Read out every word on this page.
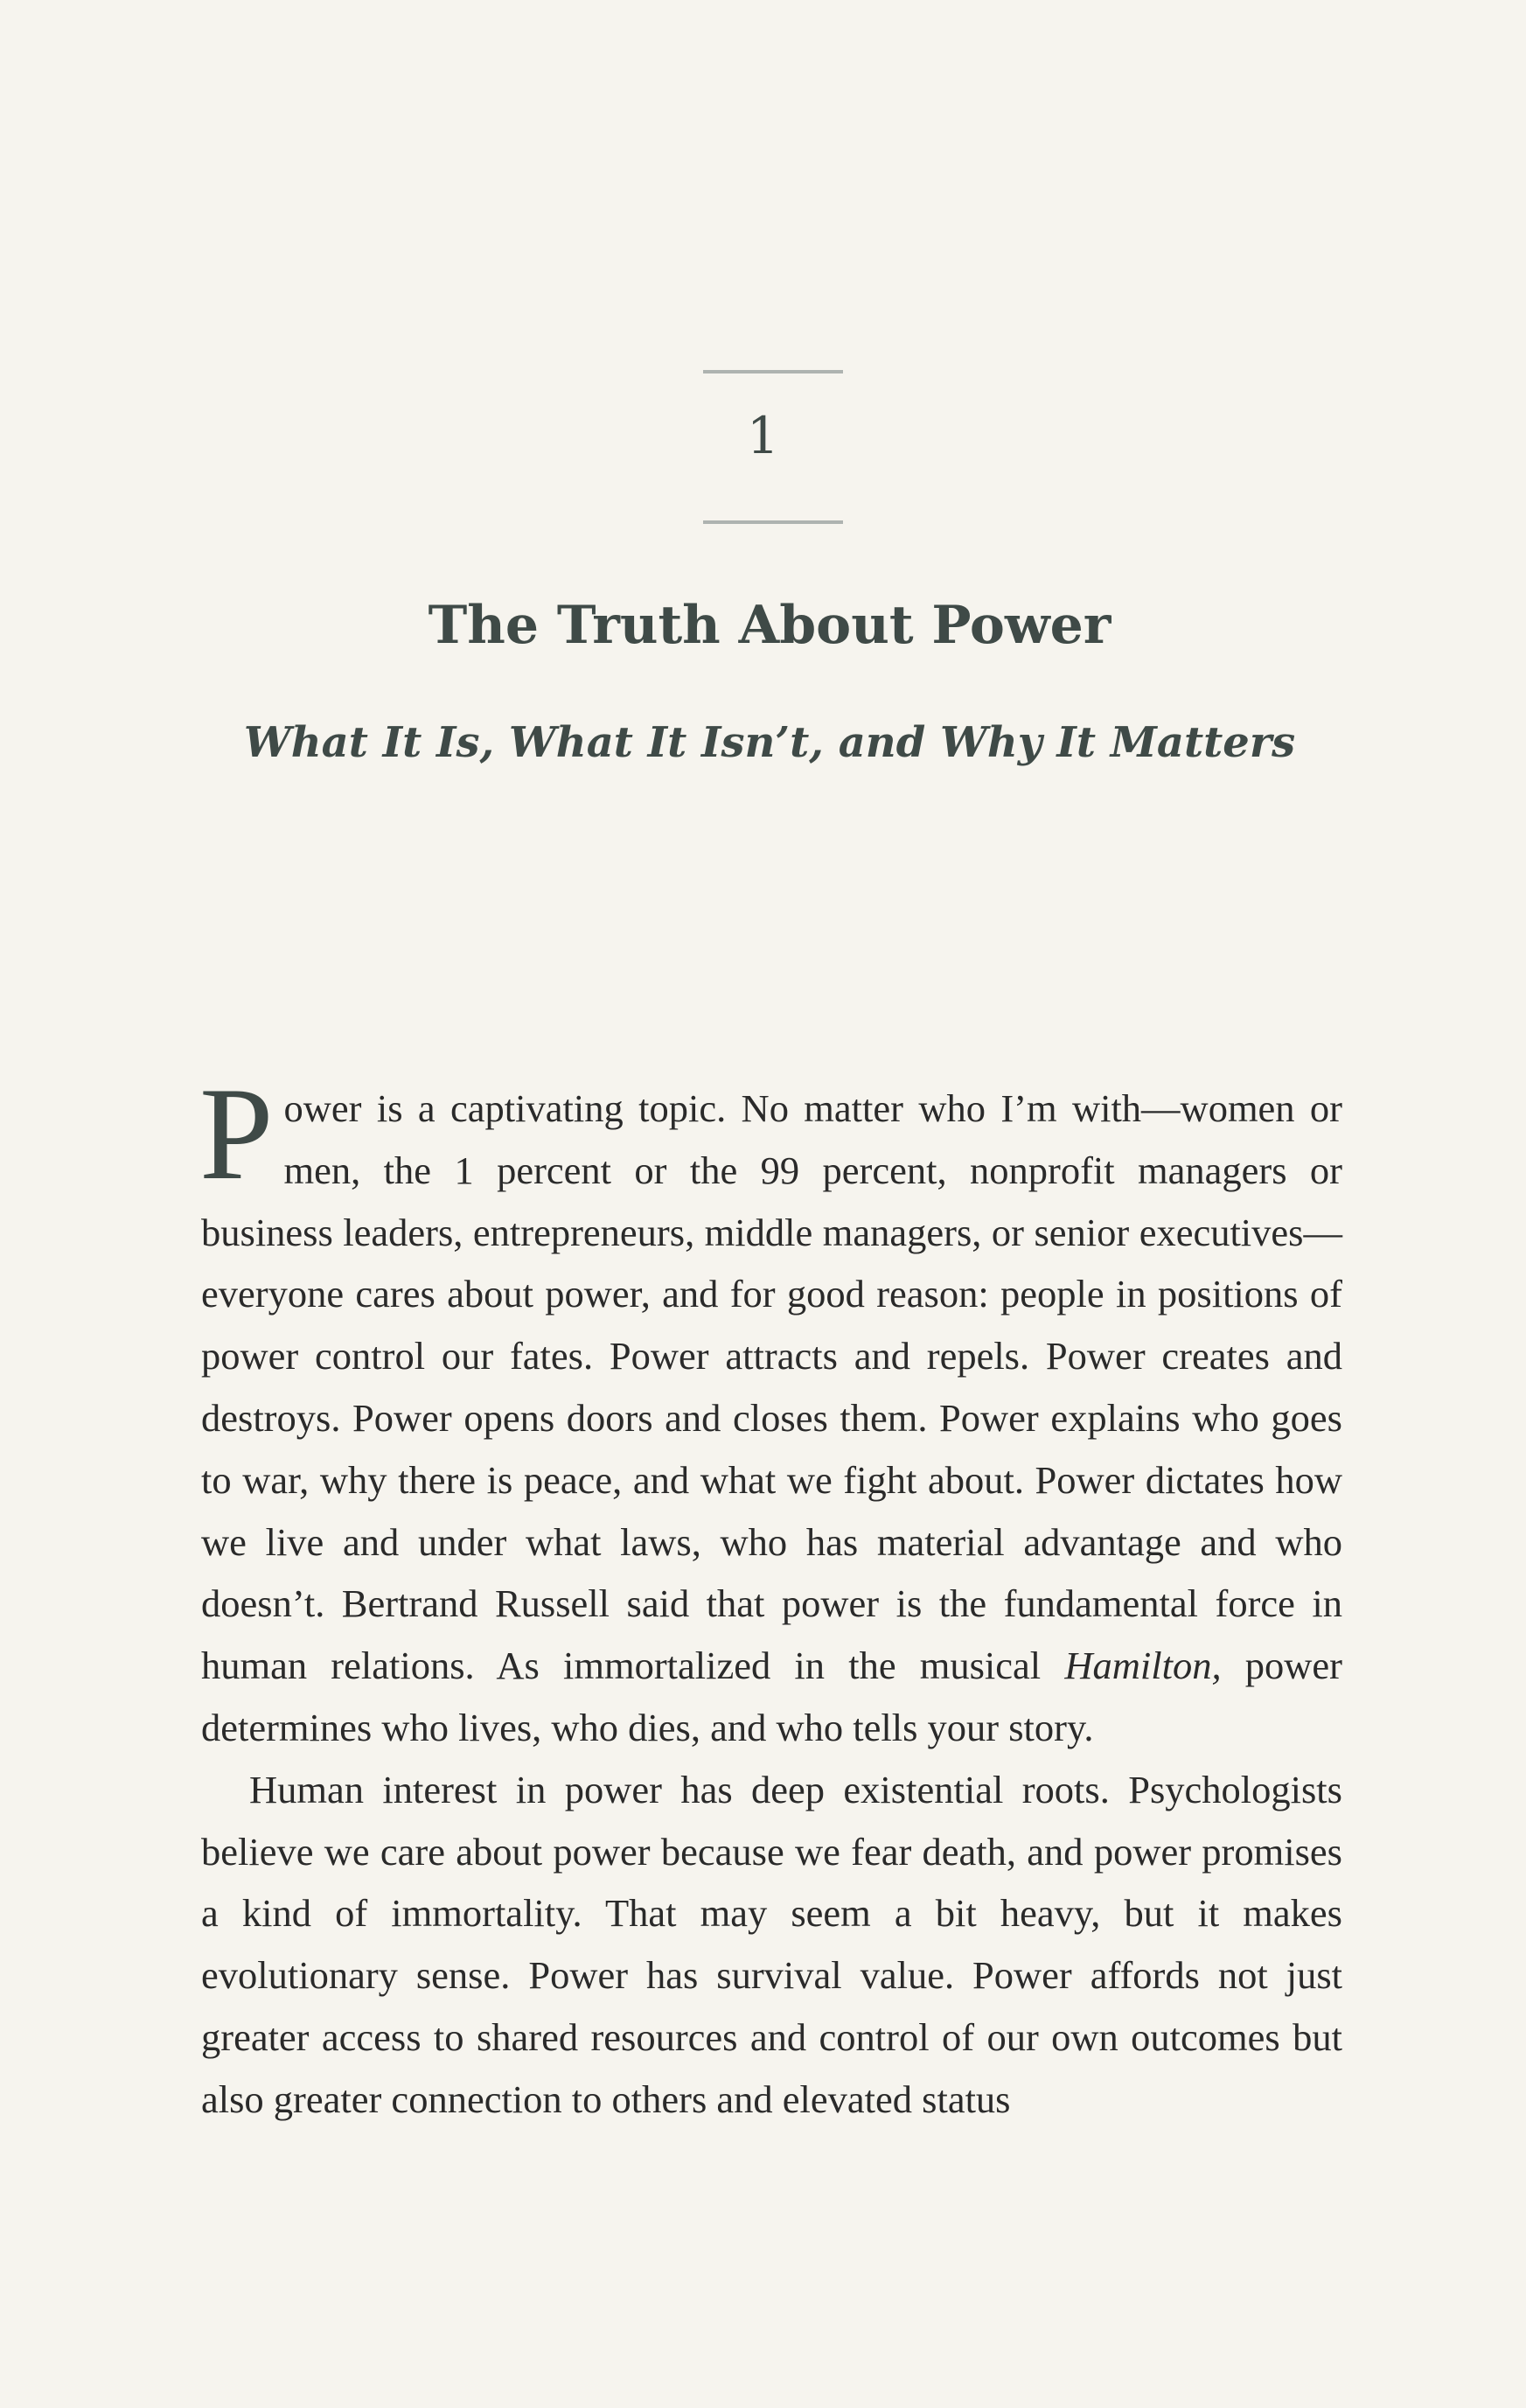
1
The Truth About Power
What It Is, What It Isn’t, and Why It Matters

Power is a captivating topic. No matter who I’m with—women or men, the 1 percent or the 99 percent, nonprofit managers or business leaders, entrepreneurs, middle managers, or senior executives—everyone cares about power, and for good reason: people in positions of power control our fates. Power attracts and repels. Power creates and destroys. Power opens doors and closes them. Power explains who goes to war, why there is peace, and what we fight about. Power dictates how we live and under what laws, who has material advantage and who doesn’t. Bertrand Russell said that power is the fundamental force in human relations. As immortalized in the musical Hamilton, power determines who lives, who dies, and who tells your story.

Human interest in power has deep existential roots. Psychologists believe we care about power because we fear death, and power promises a kind of immortality. That may seem a bit heavy, but it makes evolutionary sense. Power has survival value. Power affords not just greater access to shared resources and control of our own outcomes but also greater connection to others and elevated status
